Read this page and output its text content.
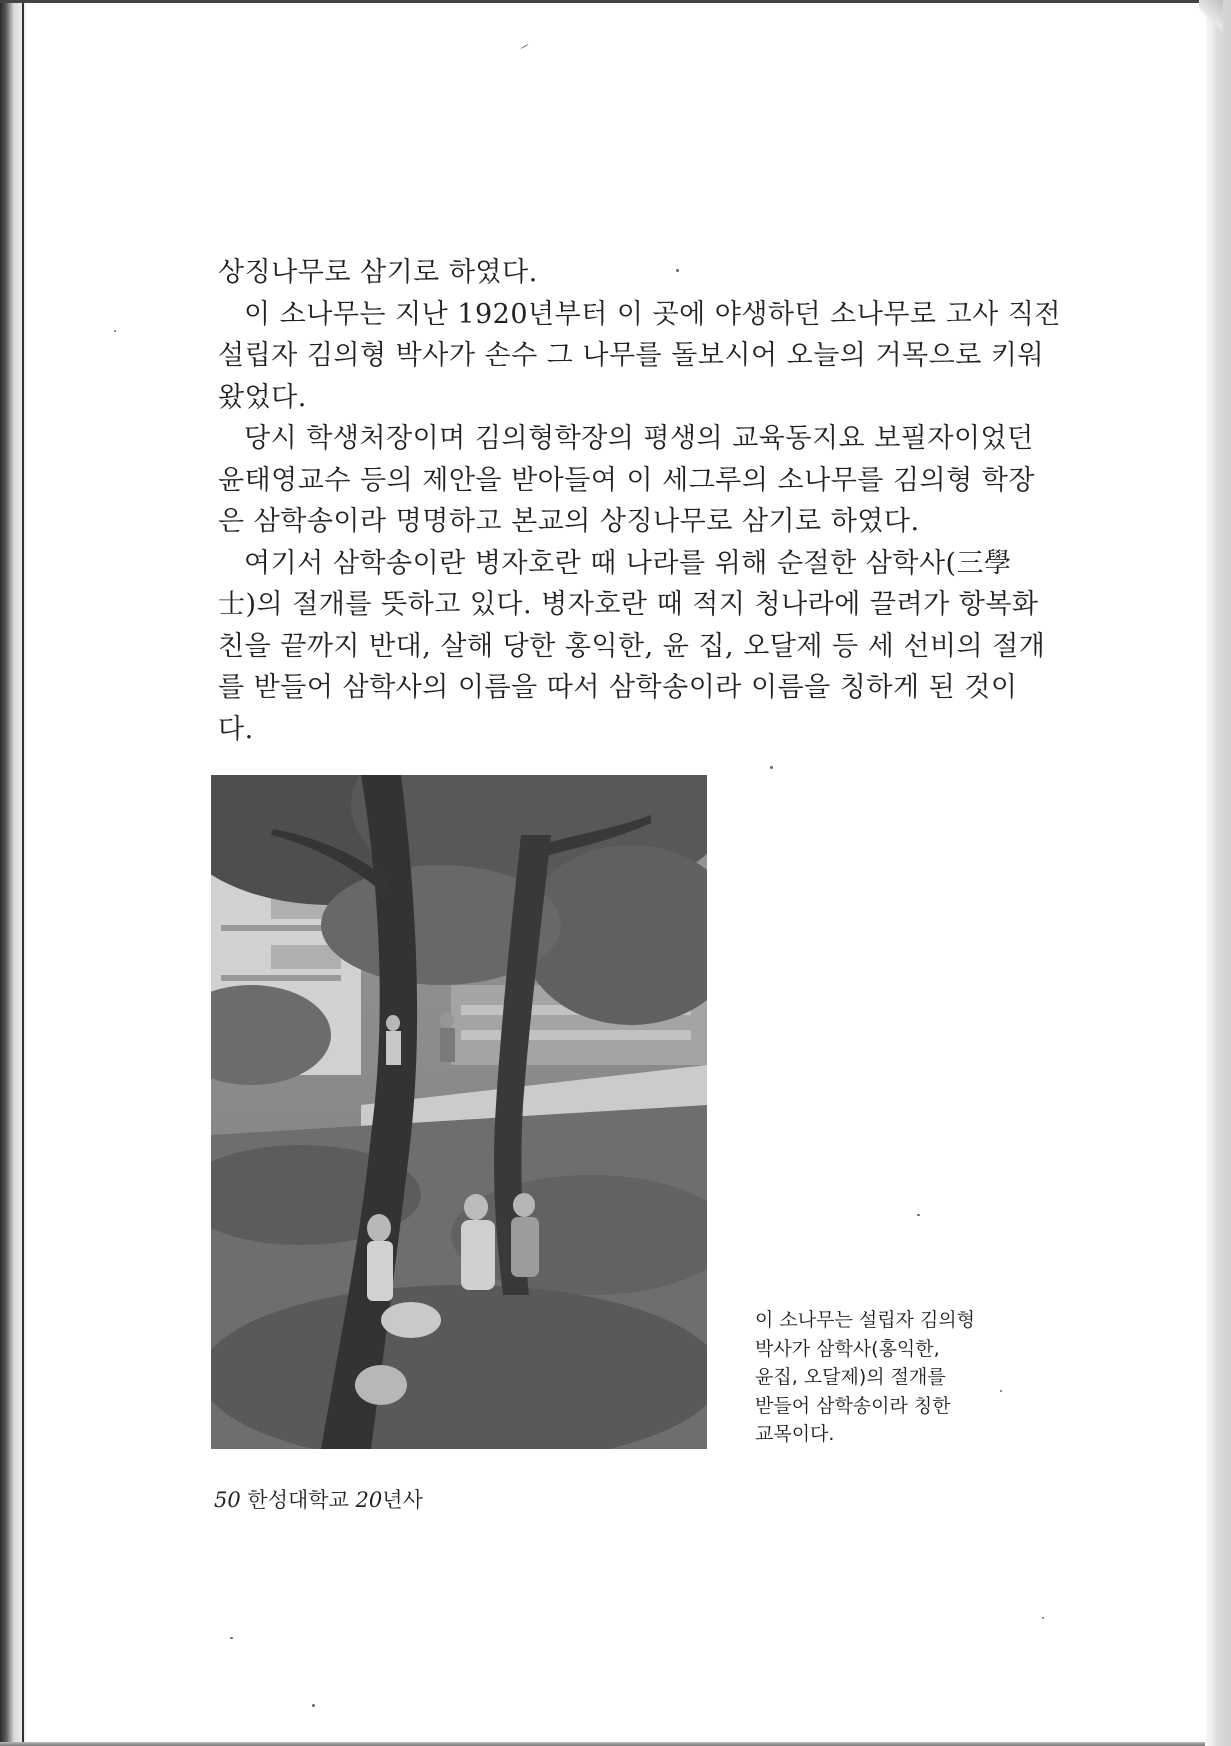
상징나무로 삼기로 하였다.
이 소나무는 지난 1920년부터 이 곳에 야생하던 소나무로 고사 직전
설립자 김의형 박사가 손수 그 나무를 돌보시어 오늘의 거목으로 키워
왔었다.
당시 학생처장이며 김의형학장의 평생의 교육동지요 보필자이었던
윤태영교수 등의 제안을 받아들여 이 세그루의 소나무를 김의형 학장
은 삼학송이라 명명하고 본교의 상징나무로 삼기로 하였다.
여기서 삼학송이란 병자호란 때 나라를 위해 순절한 삼학사(三學
士)의 절개를 뜻하고 있다. 병자호란 때 적지 청나라에 끌려가 항복화
친을 끝까지 반대, 살해 당한 홍익한, 윤 집, 오달제 등 세 선비의 절개
를 받들어 삼학사의 이름을 따서 삼학송이라 이름을 칭하게 된 것이
다.
이 소나무는 설립자 김의형
박사가 삼학사(홍익한,
윤집, 오달제)의 절개를
받들어 삼학송이라 칭한
교목이다.
50 한성대학교 20년사
